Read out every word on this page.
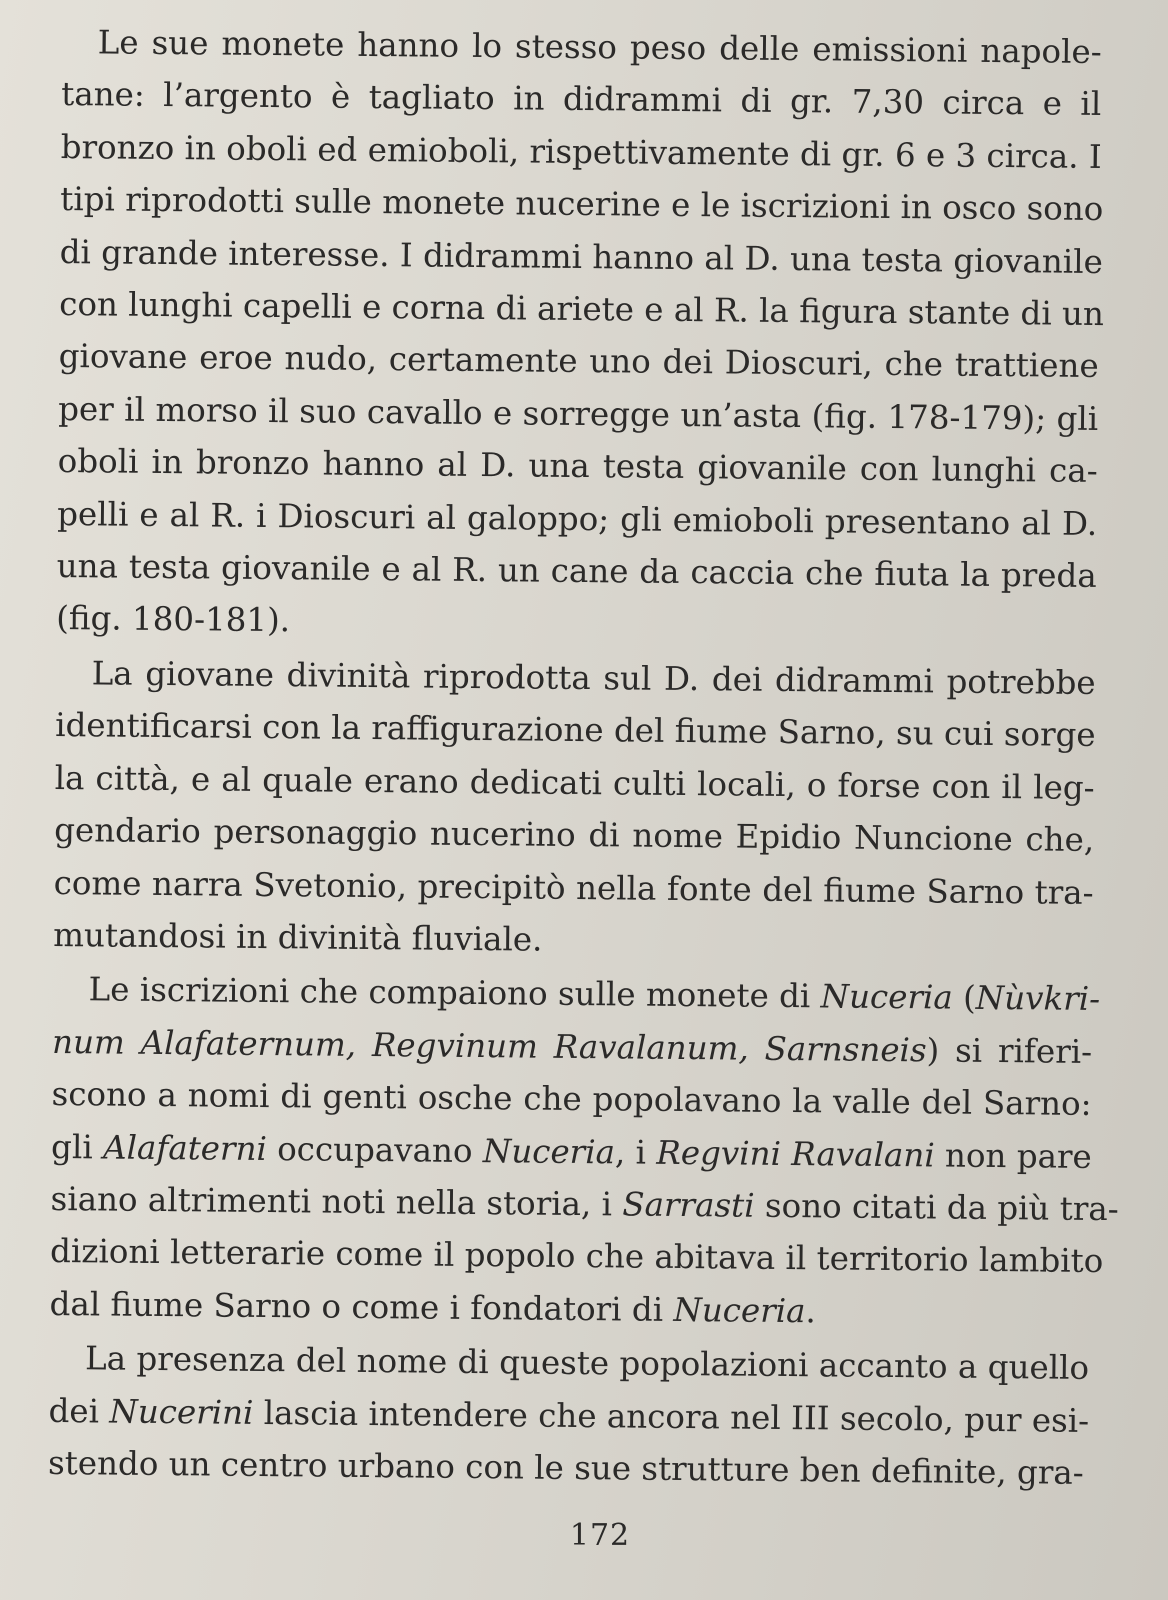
Le sue monete hanno lo stesso peso delle emissioni napole-
tane: l’argento è tagliato in didrammi di gr. 7,30 circa e il
bronzo in oboli ed emioboli, rispettivamente di gr. 6 e 3 circa. I
tipi riprodotti sulle monete nucerine e le iscrizioni in osco sono
di grande interesse. I didrammi hanno al D. una testa giovanile
con lunghi capelli e corna di ariete e al R. la figura stante di un
giovane eroe nudo, certamente uno dei Dioscuri, che trattiene
per il morso il suo cavallo e sorregge un’asta (fig. 178-179); gli
oboli in bronzo hanno al D. una testa giovanile con lunghi ca-
pelli e al R. i Dioscuri al galoppo; gli emioboli presentano al D.
una testa giovanile e al R. un cane da caccia che fiuta la preda
(fig. 180-181).
La giovane divinità riprodotta sul D. dei didrammi potrebbe
identificarsi con la raffigurazione del fiume Sarno, su cui sorge
la città, e al quale erano dedicati culti locali, o forse con il leg-
gendario personaggio nucerino di nome Epidio Nuncione che,
come narra Svetonio, precipitò nella fonte del fiume Sarno tra-
mutandosi in divinità fluviale.
Le iscrizioni che compaiono sulle monete di Nuceria (Nùvkri-
num Alafaternum, Regvinum Ravalanum, Sarnsneis) si riferi-
scono a nomi di genti osche che popolavano la valle del Sarno:
gli Alafaterni occupavano Nuceria, i Regvini Ravalani non pare
siano altrimenti noti nella storia, i Sarrasti sono citati da più tra-
dizioni letterarie come il popolo che abitava il territorio lambito
dal fiume Sarno o come i fondatori di Nuceria.
La presenza del nome di queste popolazioni accanto a quello
dei Nucerini lascia intendere che ancora nel III secolo, pur esi-
stendo un centro urbano con le sue strutture ben definite, gra-
172
